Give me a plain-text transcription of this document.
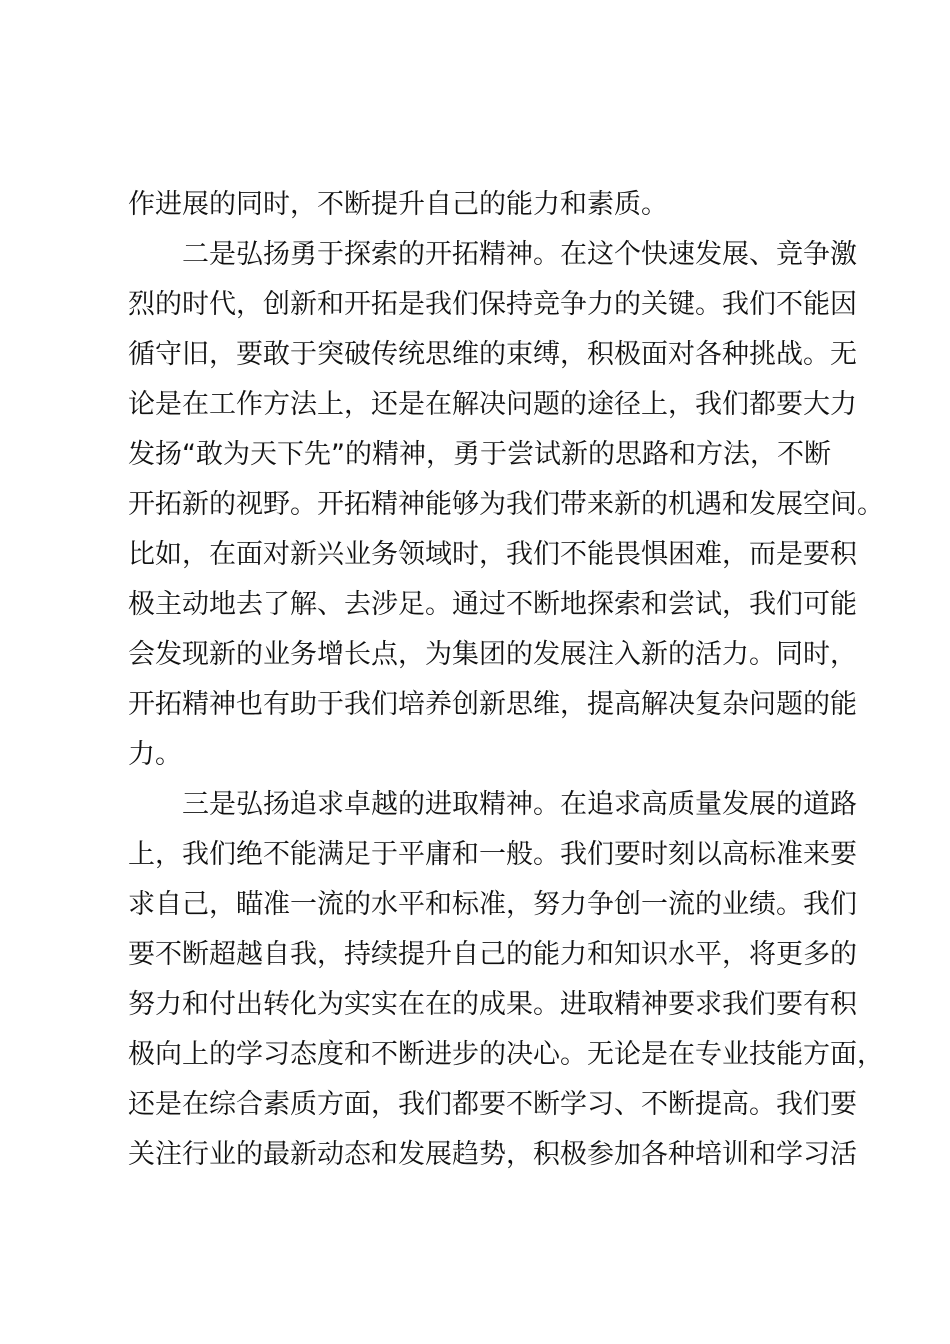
作进展的同时，不断提升自己的能力和素质。
　　二是弘扬勇于探索的开拓精神。在这个快速发展、竞争激
烈的时代，创新和开拓是我们保持竞争力的关键。我们不能因
循守旧，要敢于突破传统思维的束缚，积极面对各种挑战。无
论是在工作方法上，还是在解决问题的途径上，我们都要大力
发扬“敢为天下先”的精神，勇于尝试新的思路和方法，不断
开拓新的视野。开拓精神能够为我们带来新的机遇和发展空间。
比如，在面对新兴业务领域时，我们不能畏惧困难，而是要积
极主动地去了解、去涉足。通过不断地探索和尝试，我们可能
会发现新的业务增长点，为集团的发展注入新的活力。同时，
开拓精神也有助于我们培养创新思维，提高解决复杂问题的能
力。
　　三是弘扬追求卓越的进取精神。在追求高质量发展的道路
上，我们绝不能满足于平庸和一般。我们要时刻以高标准来要
求自己，瞄准一流的水平和标准，努力争创一流的业绩。我们
要不断超越自我，持续提升自己的能力和知识水平，将更多的
努力和付出转化为实实在在的成果。进取精神要求我们要有积
极向上的学习态度和不断进步的决心。无论是在专业技能方面，
还是在综合素质方面，我们都要不断学习、不断提高。我们要
关注行业的最新动态和发展趋势，积极参加各种培训和学习活
